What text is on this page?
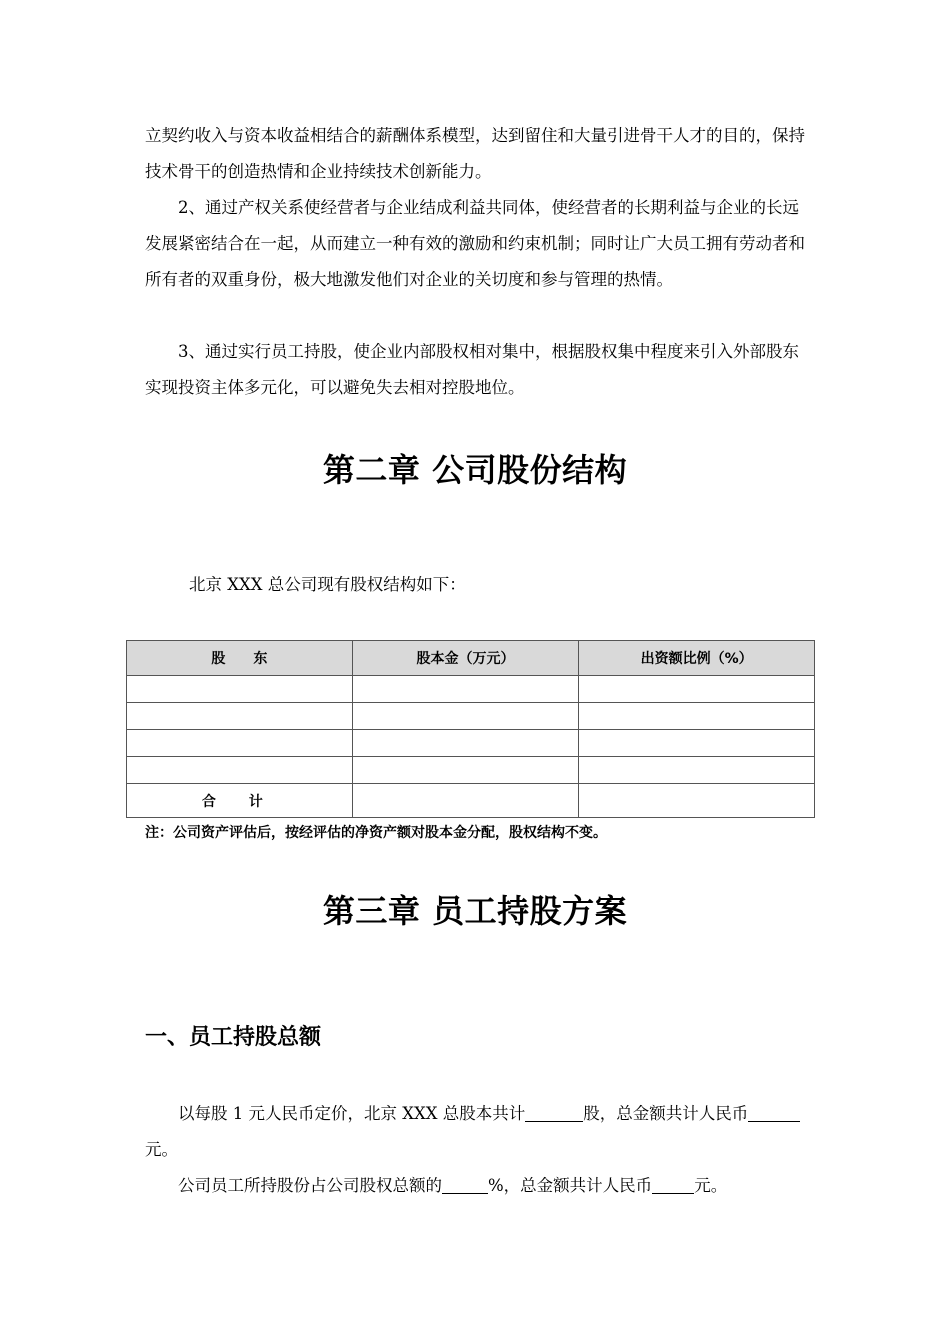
立契约收入与资本收益相结合的薪酬体系模型，达到留住和大量引进骨干人才的目的，保持技术骨干的创造热情和企业持续技术创新能力。

2、通过产权关系使经营者与企业结成利益共同体，使经营者的长期利益与企业的长远发展紧密结合在一起，从而建立一种有效的激励和约束机制；同时让广大员工拥有劳动者和所有者的双重身份，极大地激发他们对企业的关切度和参与管理的热情。

3、通过实行员工持股，使企业内部股权相对集中，根据股权集中程度来引入外部股东实现投资主体多元化，可以避免失去相对控股地位。

第二章 公司股份结构

北京 XXX 总公司现有股权结构如下：

股　　东	股本金（万元）	出资额比例（%）

合 计		

注：公司资产评估后，按经评估的净资产额对股本金分配，股权结构不变。

第三章 员工持股方案
一、员工持股总额

以每股 1 元人民币定价，北京 XXX 总股本共计	股，总金额共计人民币元。

公司员工所持股份占公司股权总额的	%，总金额共计人民币	元。
